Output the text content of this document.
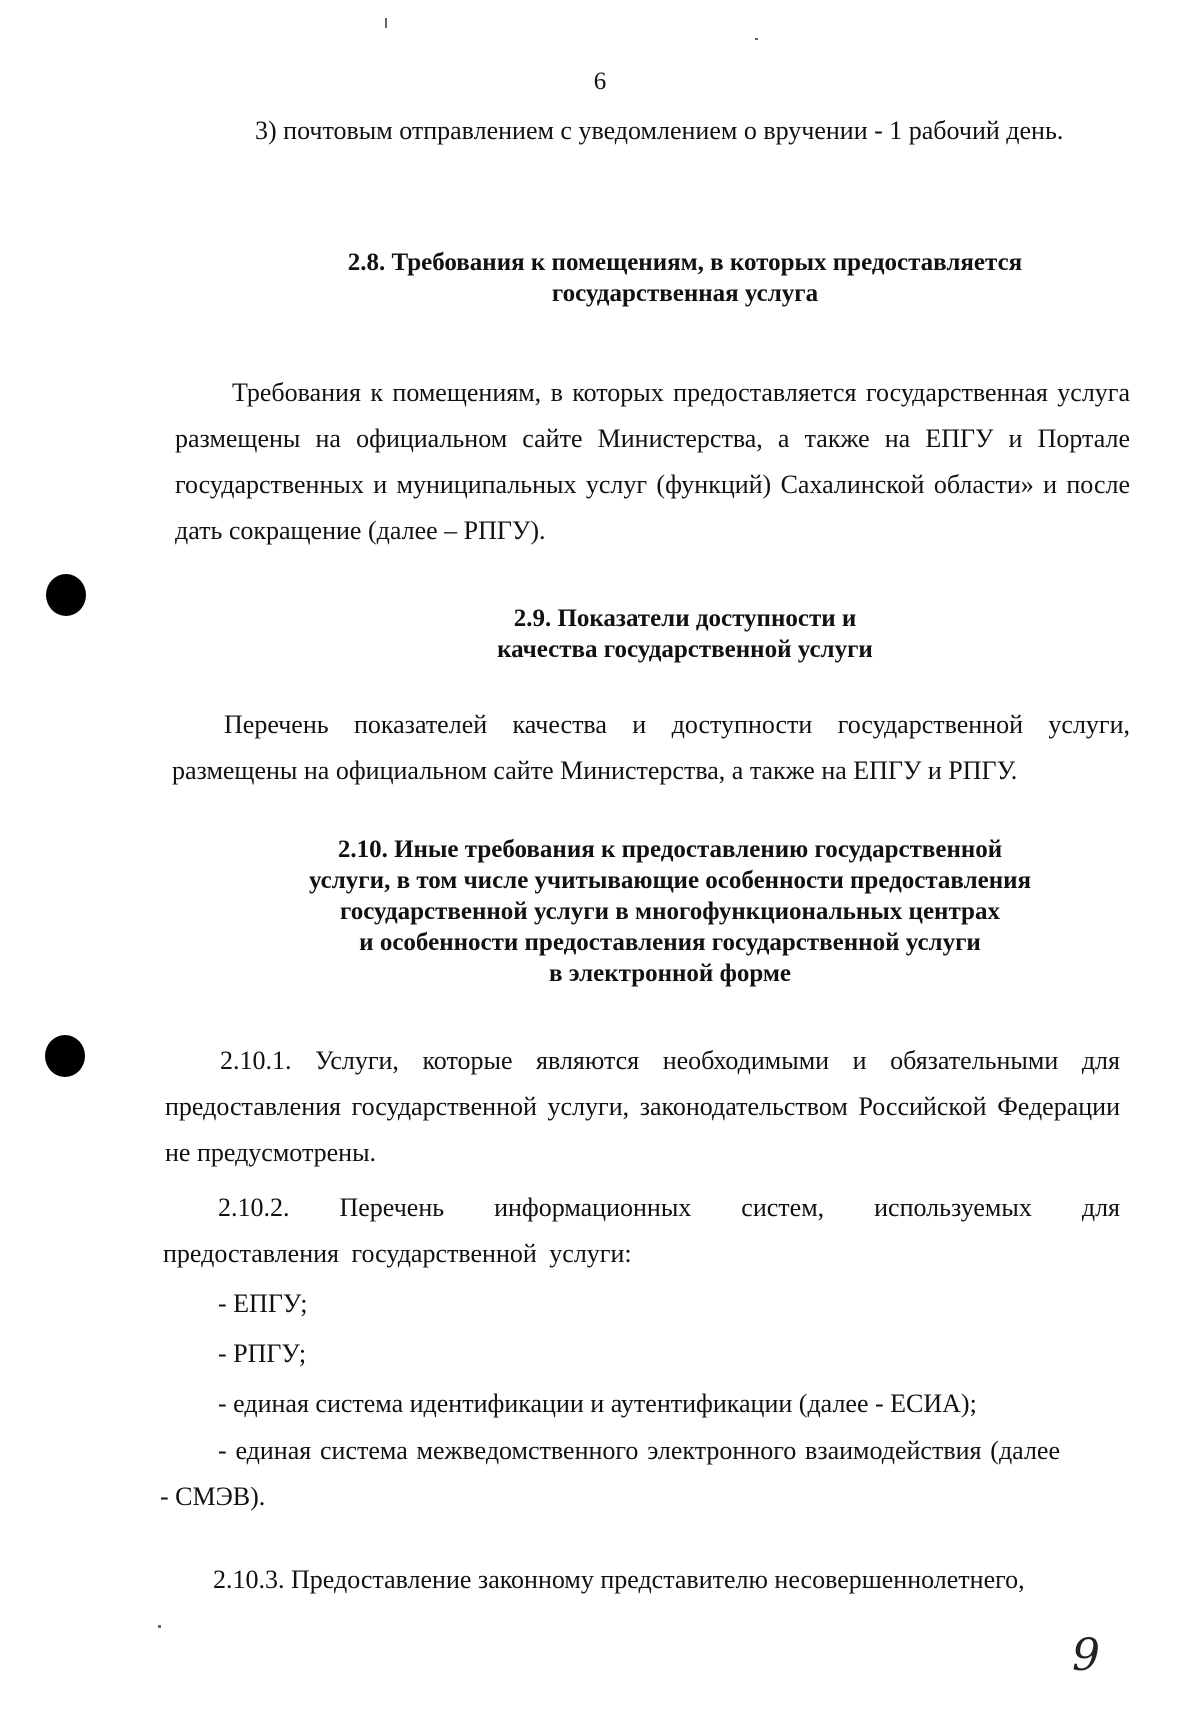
6

3) почтовым отправлением с уведомлением о вручении - 1 рабочий день.

2.8. Требования к помещениям, в которых предоставляется
государственная услуга

Требования к помещениям, в которых предоставляется государственная услуга размещены на официальном сайте Министерства, а также на ЕПГУ и Портале государственных и муниципальных услуг (функций) Сахалинской области» и после дать сокращение (далее – РПГУ).

2.9. Показатели доступности и
качества государственной услуги

Перечень показателей качества и доступности государственной услуги, размещены на официальном сайте Министерства, а также на ЕПГУ и РПГУ.

2.10. Иные требования к предоставлению государственной
услуги, в том числе учитывающие особенности предоставления
государственной услуги в многофункциональных центрах
и особенности предоставления государственной услуги
в электронной форме

2.10.1. Услуги, которые являются необходимыми и обязательными для предоставления государственной услуги, законодательством Российской Федерации не предусмотрены.

2.10.2. Перечень информационных систем, используемых для предоставления государственной услуги:

- ЕПГУ;

- РПГУ;

- единая система идентификации и аутентификации (далее - ЕСИА);

- единая система межведомственного электронного взаимодействия (далее - СМЭВ).

2.10.3. Предоставление законному представителю несовершеннолетнего,

9
